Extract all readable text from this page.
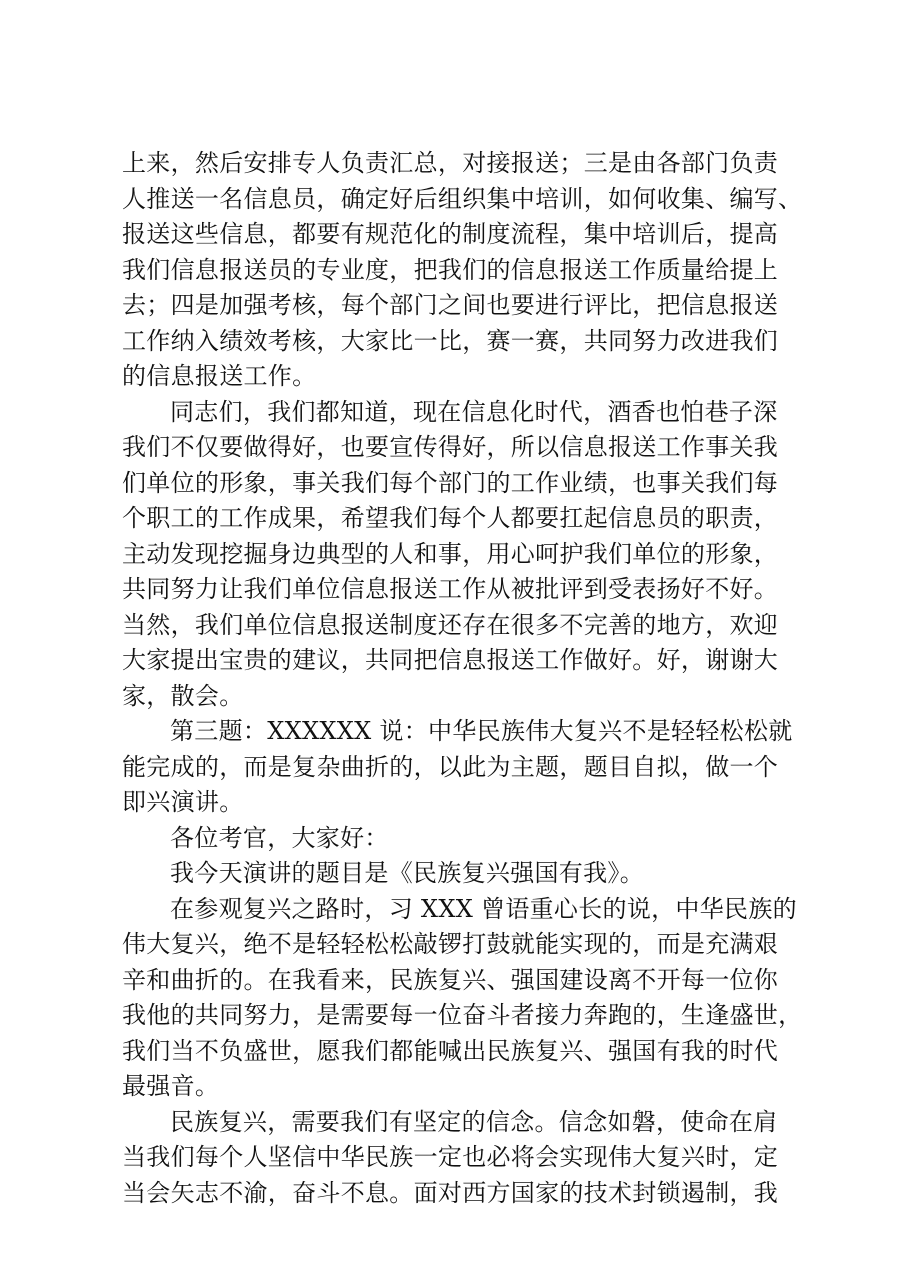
上来，然后安排专人负责汇总，对接报送；三是由各部门负责
人推送一名信息员，确定好后组织集中培训，如何收集、编写、
报送这些信息，都要有规范化的制度流程，集中培训后，提高
我们信息报送员的专业度，把我们的信息报送工作质量给提上
去；四是加强考核，每个部门之间也要进行评比，把信息报送
工作纳入绩效考核，大家比一比，赛一赛，共同努力改进我们
的信息报送工作。
同志们，我们都知道，现在信息化时代，酒香也怕巷子深
我们不仅要做得好，也要宣传得好，所以信息报送工作事关我
们单位的形象，事关我们每个部门的工作业绩，也事关我们每
个职工的工作成果，希望我们每个人都要扛起信息员的职责，
主动发现挖掘身边典型的人和事，用心呵护我们单位的形象，
共同努力让我们单位信息报送工作从被批评到受表扬好不好。
当然，我们单位信息报送制度还存在很多不完善的地方，欢迎
大家提出宝贵的建议，共同把信息报送工作做好。好，谢谢大
家，散会。
第三题：XXXXXX 说：中华民族伟大复兴不是轻轻松松就
能完成的，而是复杂曲折的，以此为主题，题目自拟，做一个
即兴演讲。
各位考官，大家好：
我今天演讲的题目是《民族复兴强国有我》。
在参观复兴之路时，习 XXX 曾语重心长的说，中华民族的
伟大复兴，绝不是轻轻松松敲锣打鼓就能实现的，而是充满艰
辛和曲折的。在我看来，民族复兴、强国建设离不开每一位你
我他的共同努力，是需要每一位奋斗者接力奔跑的，生逢盛世，
我们当不负盛世，愿我们都能喊出民族复兴、强国有我的时代
最强音。
民族复兴，需要我们有坚定的信念。信念如磐，使命在肩
当我们每个人坚信中华民族一定也必将会实现伟大复兴时，定
当会矢志不渝，奋斗不息。面对西方国家的技术封锁遏制，我
